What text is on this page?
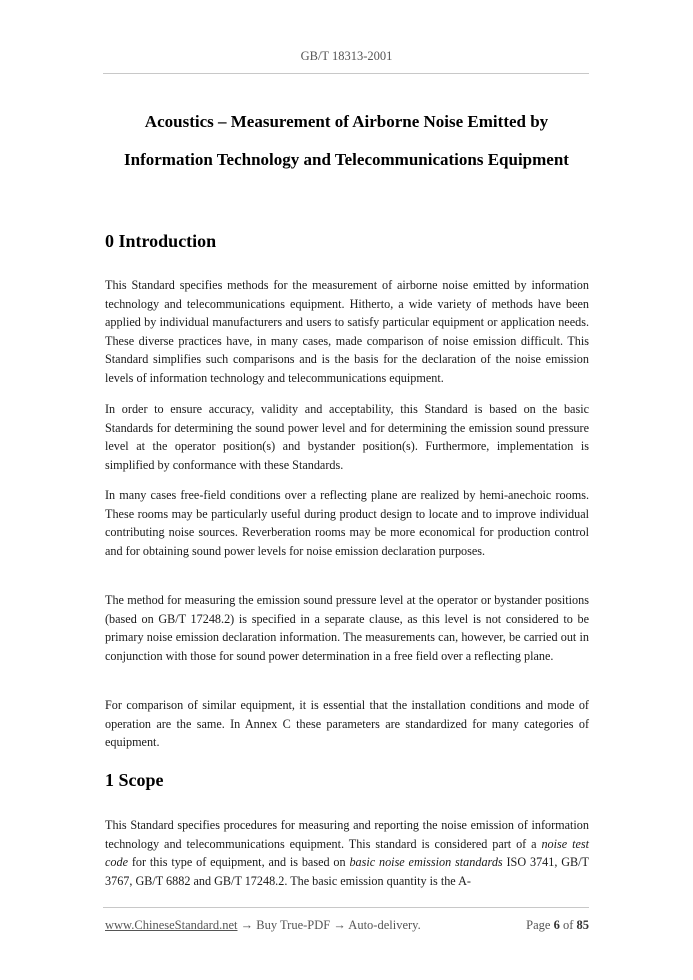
GB/T 18313-2001
Acoustics – Measurement of Airborne Noise Emitted by
Information Technology and Telecommunications Equipment
0 Introduction

This Standard specifies methods for the measurement of airborne noise emitted by information technology and telecommunications equipment. Hitherto, a wide variety of methods have been applied by individual manufacturers and users to satisfy particular equipment or application needs. These diverse practices have, in many cases, made comparison of noise emission difficult. This Standard simplifies such comparisons and is the basis for the declaration of the noise emission levels of information technology and telecommunications equipment.

In order to ensure accuracy, validity and acceptability, this Standard is based on the basic Standards for determining the sound power level and for determining the emission sound pressure level at the operator position(s) and bystander position(s). Furthermore, implementation is simplified by conformance with these Standards.

In many cases free-field conditions over a reflecting plane are realized by hemi-anechoic rooms. These rooms may be particularly useful during product design to locate and to improve individual contributing noise sources. Reverberation rooms may be more economical for production control and for obtaining sound power levels for noise emission declaration purposes.

The method for measuring the emission sound pressure level at the operator or bystander positions (based on GB/T 17248.2) is specified in a separate clause, as this level is not considered to be primary noise emission declaration information. The measurements can, however, be carried out in conjunction with those for sound power determination in a free field over a reflecting plane.

For comparison of similar equipment, it is essential that the installation conditions and mode of operation are the same. In Annex C these parameters are standardized for many categories of equipment.

1 Scope

This Standard specifies procedures for measuring and reporting the noise emission of information technology and telecommunications equipment. This standard is considered part of a noise test code for this type of equipment, and is based on basic noise emission standards ISO 3741, GB/T 3767, GB/T 6882 and GB/T 17248.2. The basic emission quantity is the A-

www.ChineseStandard.net → Buy True-PDF → Auto-delivery.	Page 6 of 85
